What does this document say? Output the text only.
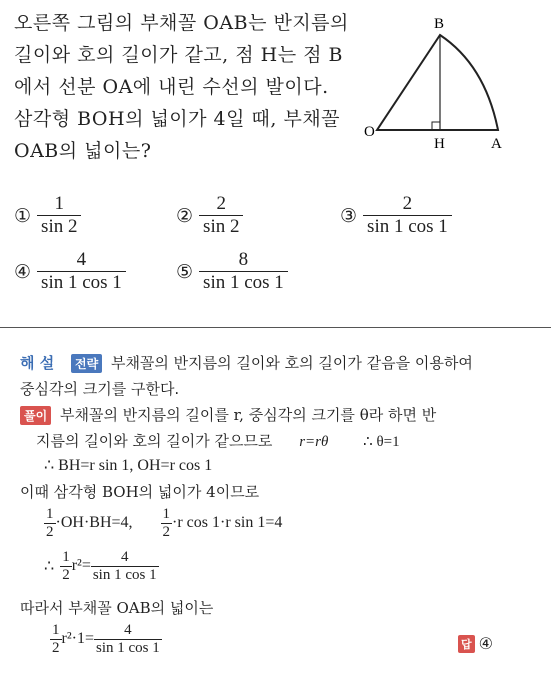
오른쪽 그림의 부채꼴 OAB는 반지름의
길이와 호의 길이가 같고, 점 H는 점 B
에서 선분 OA에 내린 수선의 발이다.
삼각형 BOH의 넓이가 4일 때, 부채꼴
OAB의 넓이는?
B
O
H	A
① $\frac{1}{\sin 2}$	② $\frac{2}{\sin 2}$	③ $\frac{2}{\sin 1 \cos 1}$
④ $\frac{4}{\sin 1 \cos 1}$	⑤ $\frac{8}{\sin 1 \cos 1}$
해 설 전략 부채꼴의 반지름의 길이와 호의 길이가 같음을 이용하여
중심각의 크기를 구한다.
풀이 부채꼴의 반지름의 길이를 r, 중심각의 크기를 θ라 하면 반
지름의 길이와 호의 길이가 같으므로 r=rθ ∴ θ=1
∴ BH=r sin 1, OH=r cos 1
이때 삼각형 BOH의 넓이가 4이므로
$\frac{1}{2} \cdot OH\cdot BH=4$, $\frac{1}{2} \cdot r$ cos 1·r sin 1=4
∴ $\frac{1}{2} r^2= \frac{4}{\sin 1 \cos 1}$
따라서 부채꼴 OAB의 넓이는
$\frac{1}{2} r^2\cdot 1= \frac{4}{\sin 1 \cos 1}$	답 ④
